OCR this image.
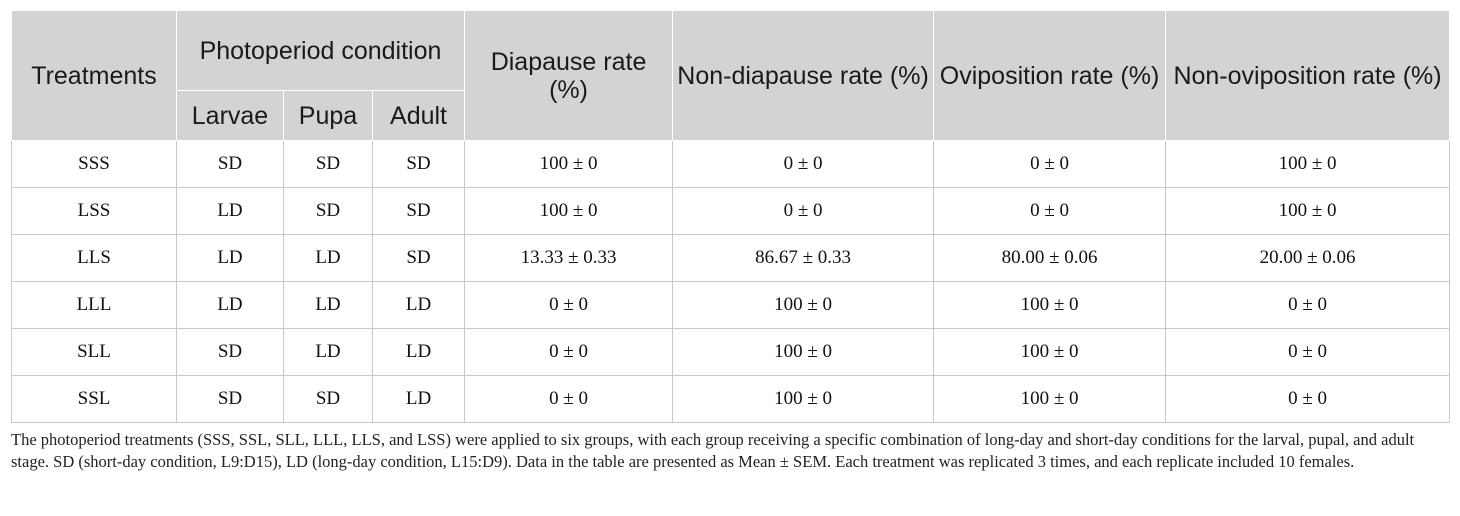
Treatments	Photoperiod condition			Diapause rate (%)	Non-diapause rate (%)	Oviposition rate (%)	Non-oviposition rate (%)
	Larvae	Pupa	Adult				
SSS	SD	SD	SD	100 ± 0	0 ± 0	0 ± 0	100 ± 0
LSS	LD	SD	SD	100 ± 0	0 ± 0	0 ± 0	100 ± 0
LLS	LD	LD	SD	13.33 ± 0.33	86.67 ± 0.33	80.00 ± 0.06	20.00 ± 0.06
LLL	LD	LD	LD	0 ± 0	100 ± 0	100 ± 0	0 ± 0
SLL	SD	LD	LD	0 ± 0	100 ± 0	100 ± 0	0 ± 0
SSL	SD	SD	LD	0 ± 0	100 ± 0	100 ± 0	0 ± 0

The photoperiod treatments (SSS, SSL, SLL, LLL, LLS, and LSS) were applied to six groups, with each group receiving a specific combination of long-day and short-day conditions for the larval, pupal, and adult stage. SD (short-day condition, L9:D15), LD (long-day condition, L15:D9). Data in the table are presented as Mean ± SEM. Each treatment was replicated 3 times, and each replicate included 10 females.
